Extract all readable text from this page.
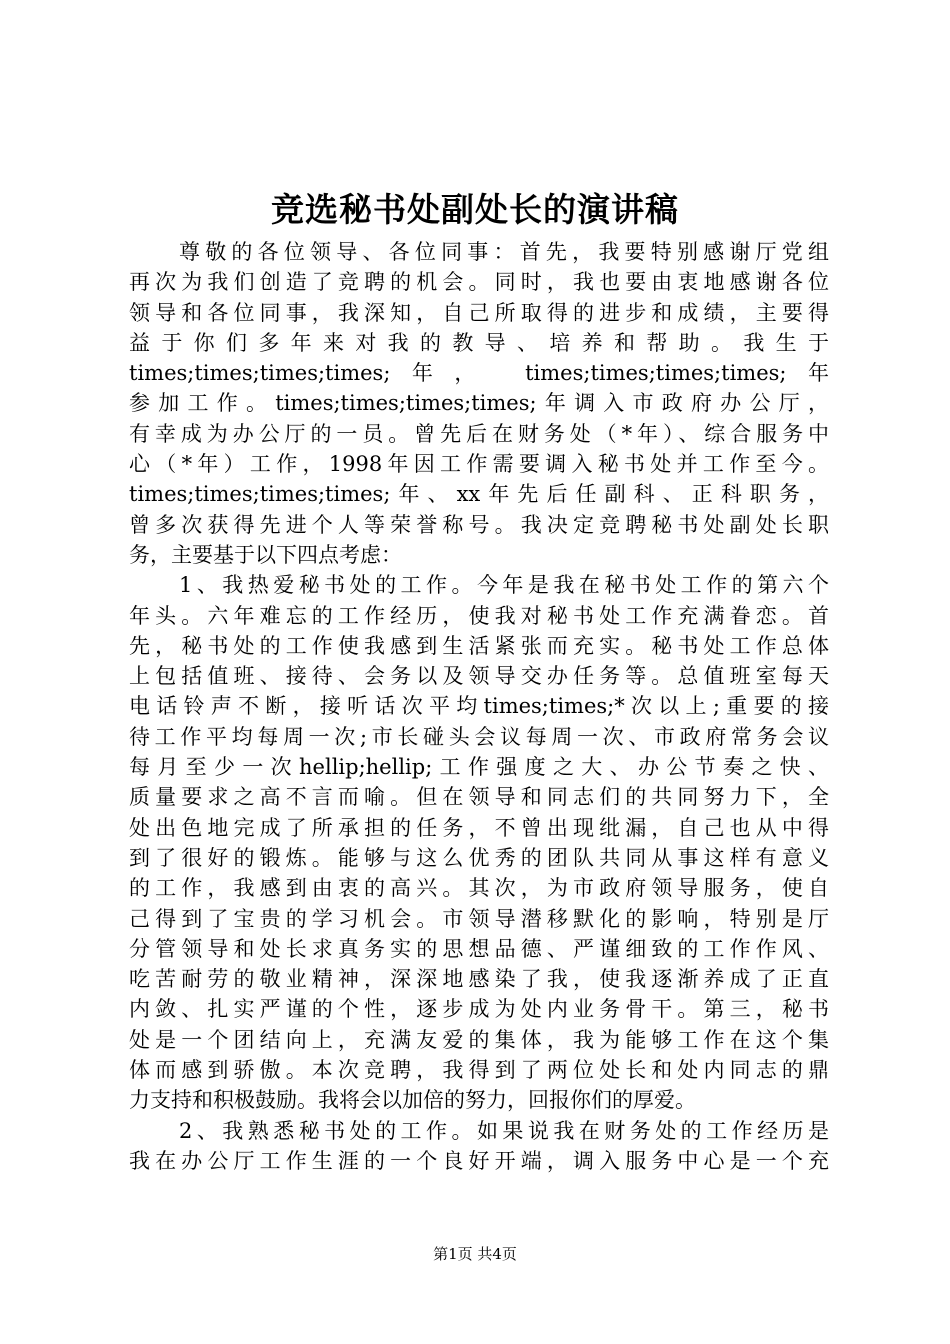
竞选秘书处副处长的演讲稿
尊敬的各位领导、各位同事：首先，我要特别感谢厅党组
再次为我们创造了竞聘的机会。同时，我也要由衷地感谢各位
领导和各位同事，我深知，自己所取得的进步和成绩，主要得
益 于 你 们 多 年 来 对 我 的 教 导 、 培 养 和 帮 助 。 我 生 于
times;times;times;times;年， times;times;times;times;年
参加工作。times;times;times;times;年调入市政府办公厅，
有幸成为办公厅的一员。曾先后在财务处（*年）、综合服务中
心（*年）工作，1998年因工作需要调入秘书处并工作至今。
times;times;times;times;年、xx年先后任副科、正科职务，
曾多次获得先进个人等荣誉称号。我决定竞聘秘书处副处长职
务，主要基于以下四点考虑：
1、我热爱秘书处的工作。今年是我在秘书处工作的第六个
年头。六年难忘的工作经历，使我对秘书处工作充满眷恋。首
先，秘书处的工作使我感到生活紧张而充实。秘书处工作总体
上包括值班、接待、会务以及领导交办任务等。总值班室每天
电话铃声不断，接听话次平均times;times;*次以上;重要的接
待工作平均每周一次;市长碰头会议每周一次、市政府常务会议
每月至少一次hellip;hellip;工作强度之大、办公节奏之快、
质量要求之高不言而喻。但在领导和同志们的共同努力下，全
处出色地完成了所承担的任务，不曾出现纰漏，自己也从中得
到了很好的锻炼。能够与这么优秀的团队共同从事这样有意义
的工作，我感到由衷的高兴。其次，为市政府领导服务，使自
己得到了宝贵的学习机会。市领导潜移默化的影响，特别是厅
分管领导和处长求真务实的思想品德、严谨细致的工作作风、
吃苦耐劳的敬业精神，深深地感染了我，使我逐渐养成了正直
内敛、扎实严谨的个性，逐步成为处内业务骨干。第三，秘书
处是一个团结向上，充满友爱的集体，我为能够工作在这个集
体而感到骄傲。本次竞聘，我得到了两位处长和处内同志的鼎
力支持和积极鼓励。我将会以加倍的努力，回报你们的厚爱。
2、我熟悉秘书处的工作。如果说我在财务处的工作经历是
我在办公厅工作生涯的一个良好开端，调入服务中心是一个充
第1页 共4页
